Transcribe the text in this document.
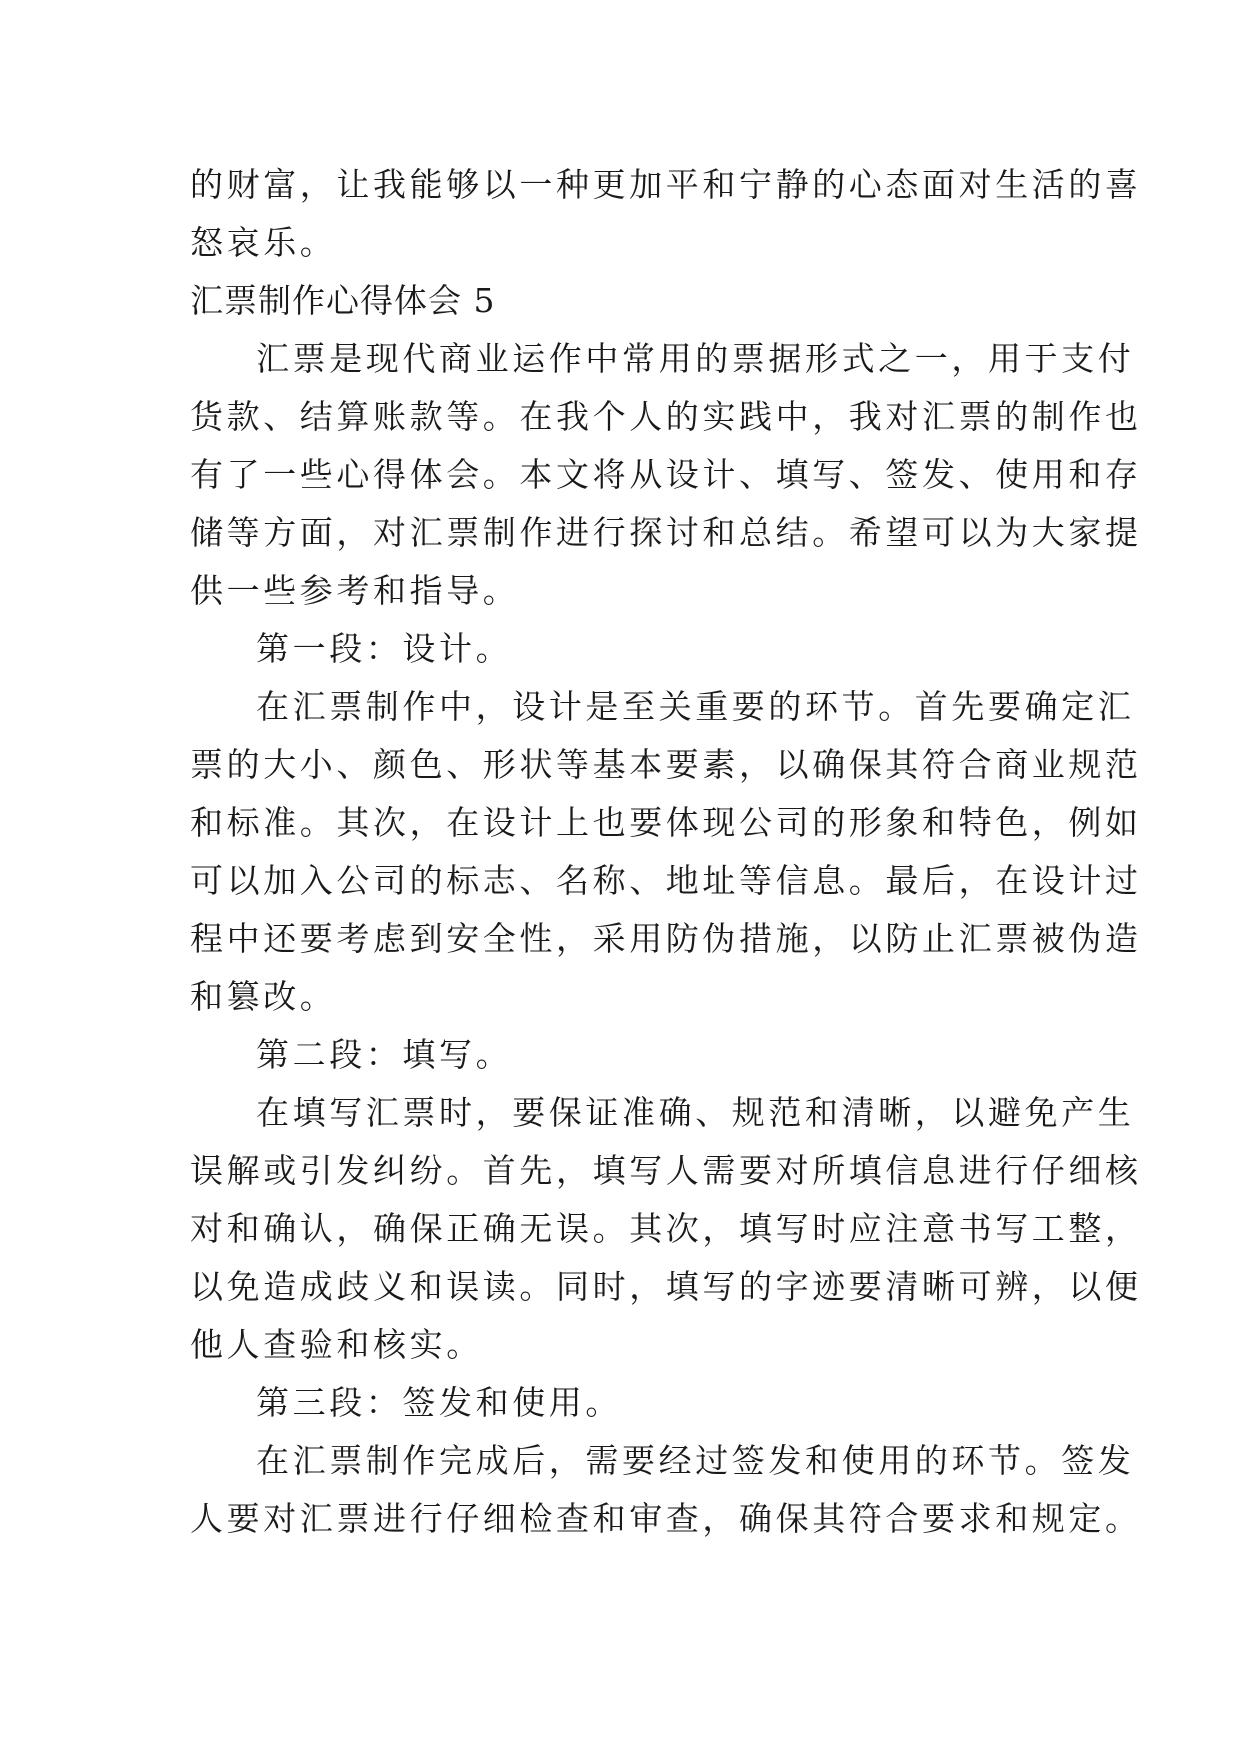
的财富，让我能够以一种更加平和宁静的心态面对生活的喜
怒哀乐。
汇票制作心得体会 5
汇票是现代商业运作中常用的票据形式之一，用于支付
货款、结算账款等。在我个人的实践中，我对汇票的制作也
有了一些心得体会。本文将从设计、填写、签发、使用和存
储等方面，对汇票制作进行探讨和总结。希望可以为大家提
供一些参考和指导。
第一段：设计。
在汇票制作中，设计是至关重要的环节。首先要确定汇
票的大小、颜色、形状等基本要素，以确保其符合商业规范
和标准。其次，在设计上也要体现公司的形象和特色，例如
可以加入公司的标志、名称、地址等信息。最后，在设计过
程中还要考虑到安全性，采用防伪措施，以防止汇票被伪造
和篡改。
第二段：填写。
在填写汇票时，要保证准确、规范和清晰，以避免产生
误解或引发纠纷。首先，填写人需要对所填信息进行仔细核
对和确认，确保正确无误。其次，填写时应注意书写工整，
以免造成歧义和误读。同时，填写的字迹要清晰可辨，以便
他人查验和核实。
第三段：签发和使用。
在汇票制作完成后，需要经过签发和使用的环节。签发
人要对汇票进行仔细检查和审查，确保其符合要求和规定。
